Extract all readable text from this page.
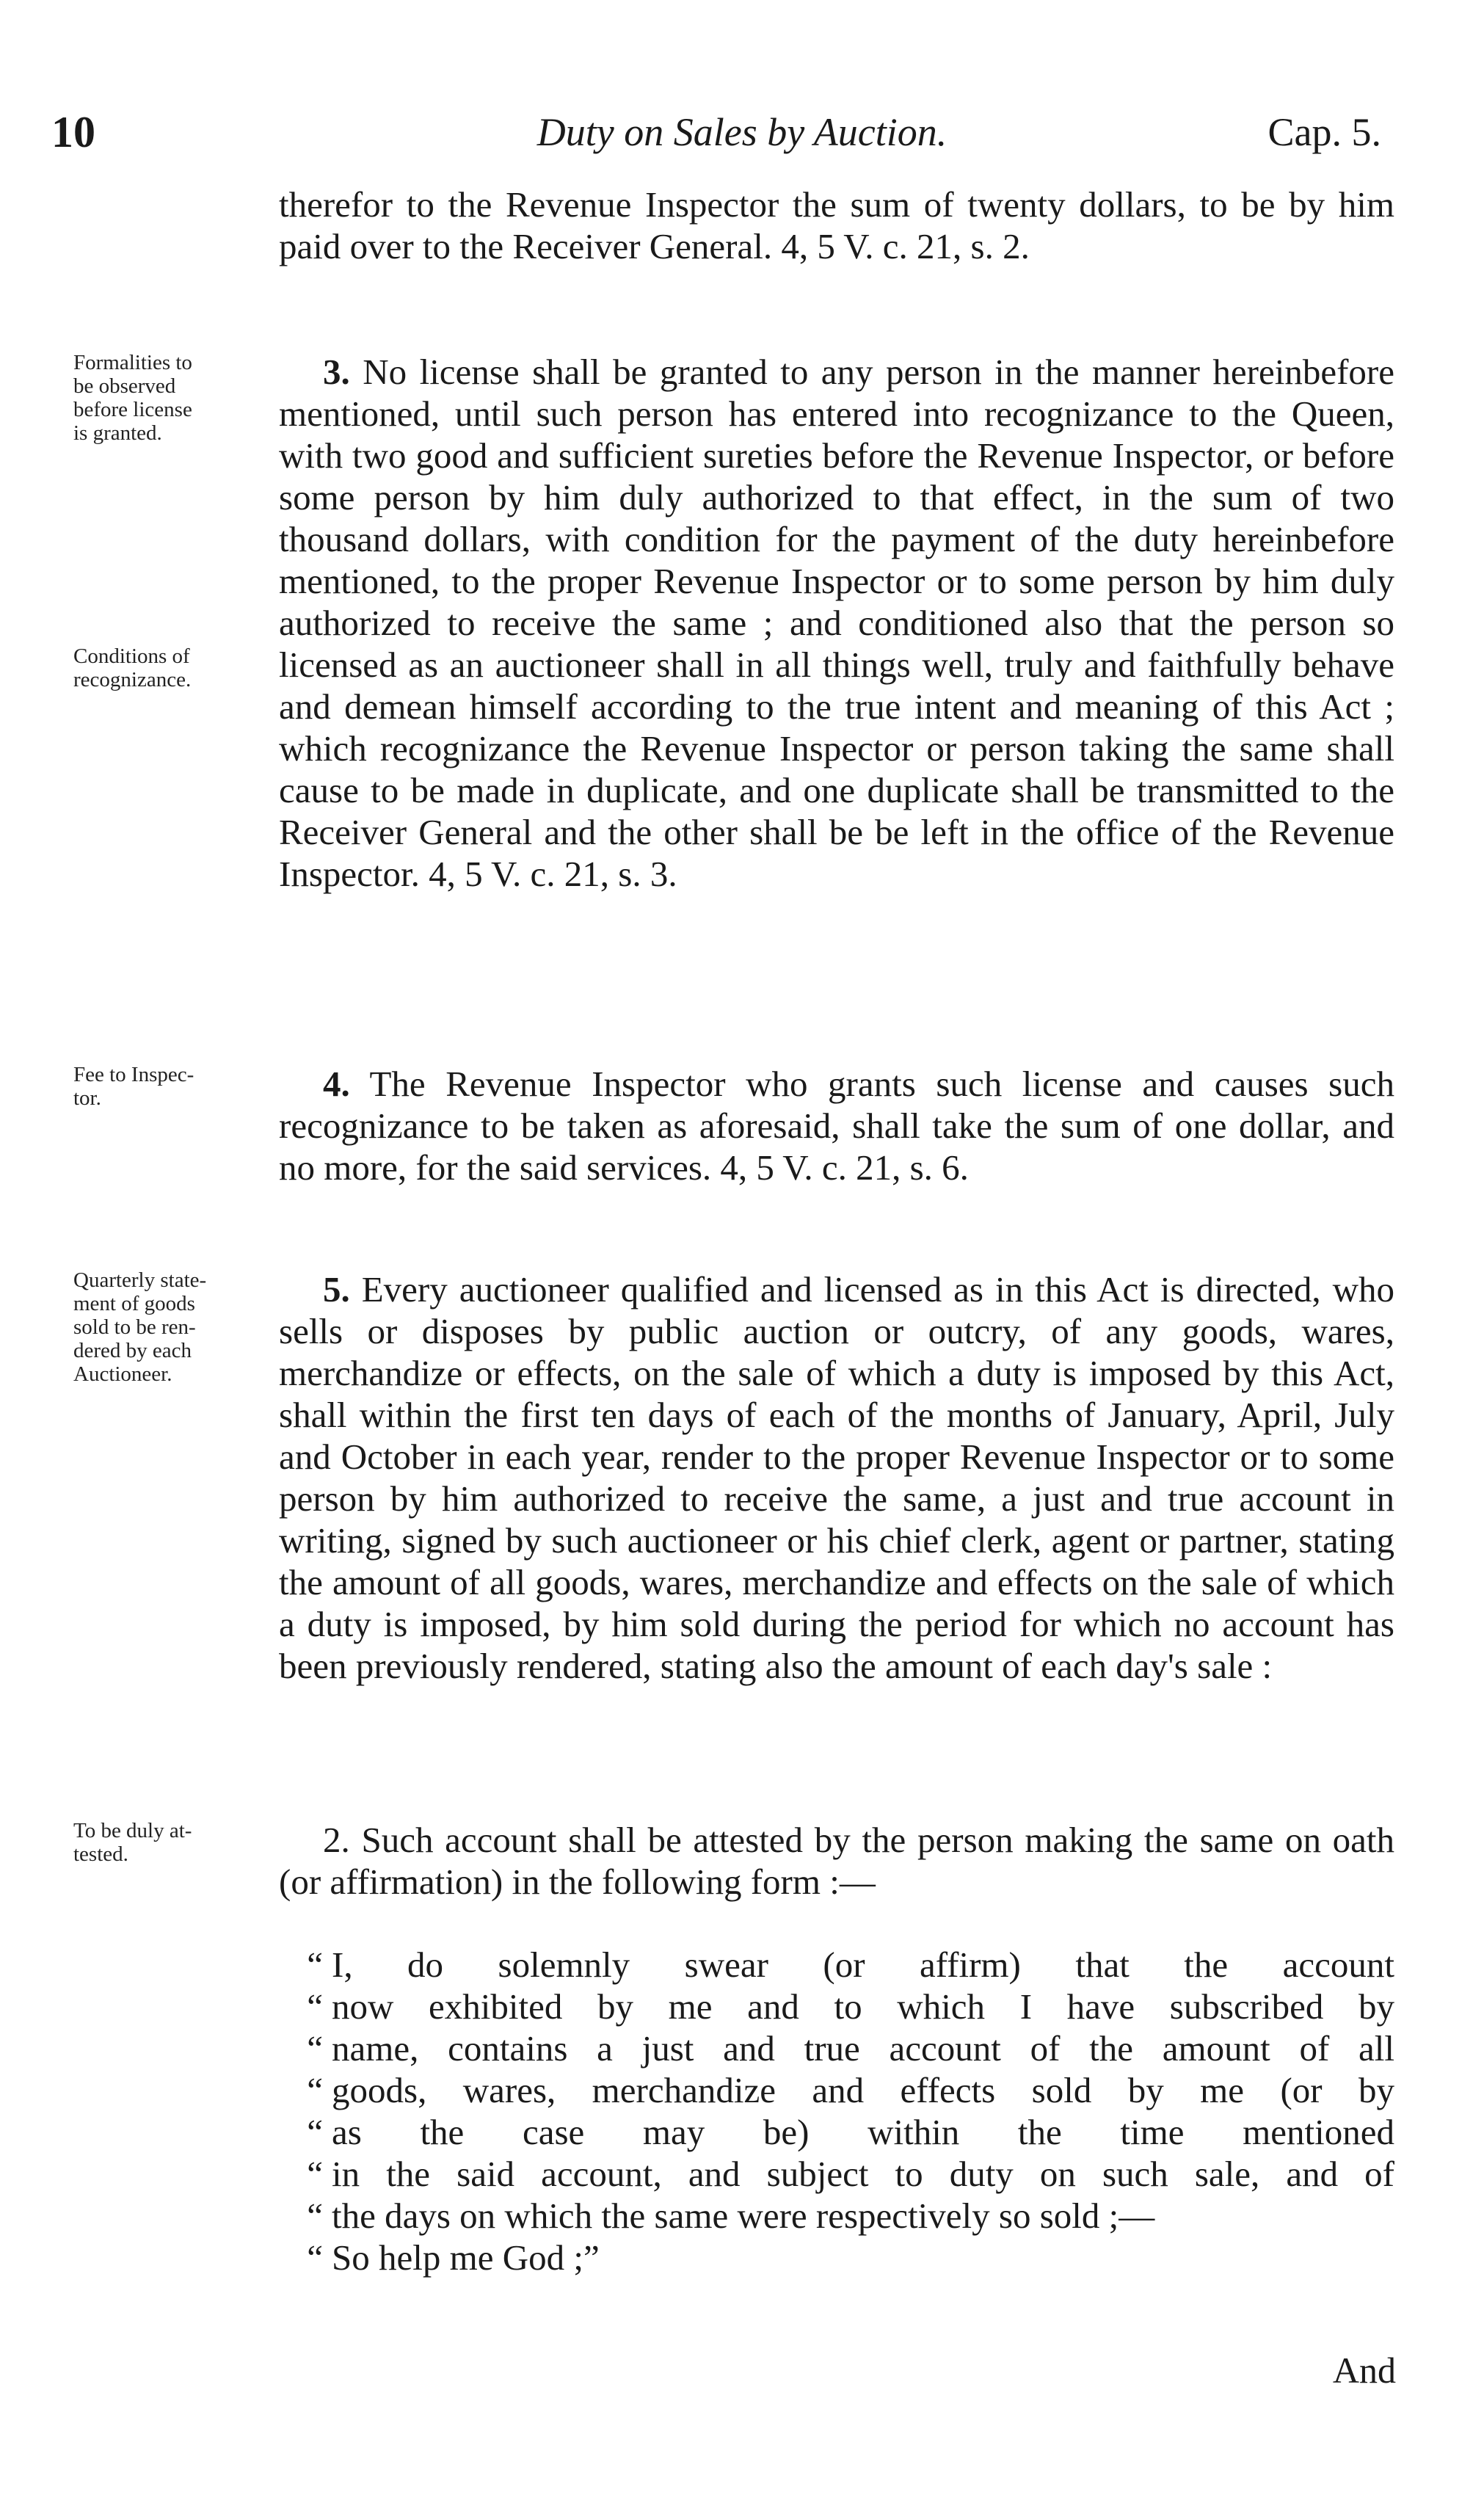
10	Duty on Sales by Auction.	Cap. 5.
Formalities to
be observed
before license
is granted.
Conditions of
recognizance.
Fee to Inspec-
tor.
Quarterly state-
ment of goods
sold to be ren-
dered by each
Auctioneer.
To be duly at-
tested.

therefor to the Revenue Inspector the sum of twenty dollars, to be by him paid over to the Receiver General. 4, 5 V. c. 21, s. 2.

3. No license shall be granted to any person in the manner hereinbefore mentioned, until such person has entered into recognizance to the Queen, with two good and sufficient sureties before the Revenue Inspector, or before some person by him duly authorized to that effect, in the sum of two thousand dollars, with condition for the payment of the duty hereinbefore mentioned, to the proper Revenue Inspector or to some person by him duly authorized to receive the same ; and conditioned also that the person so licensed as an auctioneer shall in all things well, truly and faithfully behave and demean himself according to the true intent and meaning of this Act ; which recognizance the Revenue Inspector or person taking the same shall cause to be made in duplicate, and one duplicate shall be transmitted to the Receiver General and the other shall be be left in the office of the Revenue Inspector. 4, 5 V. c. 21, s. 3.

4. The Revenue Inspector who grants such license and causes such recognizance to be taken as aforesaid, shall take the sum of one dollar, and no more, for the said services. 4, 5 V. c. 21, s. 6.

5. Every auctioneer qualified and licensed as in this Act is directed, who sells or disposes by public auction or outcry, of any goods, wares, merchandize or effects, on the sale of which a duty is imposed by this Act, shall within the first ten days of each of the months of January, April, July and October in each year, render to the proper Revenue Inspector or to some person by him authorized to receive the same, a just and true account in writing, signed by such auctioneer or his chief clerk, agent or partner, stating the amount of all goods, wares, merchandize and effects on the sale of which a duty is imposed, by him sold during the period for which no account has been previously rendered, stating also the amount of each day's sale :

2. Such account shall be attested by the person making the same on oath (or affirmation) in the following form :—

“ I, do solemnly swear (or affirm) that the account
“ now exhibited by me and to which I have subscribed by
“ name, contains a just and true account of the amount of all
“ goods, wares, merchandize and effects sold by me (or by
“ as the case may be) within the time mentioned
“ in the said account, and subject to duty on such sale, and of
“ the days on which the same were respectively so sold ;—
“ So help me God ;”
And
